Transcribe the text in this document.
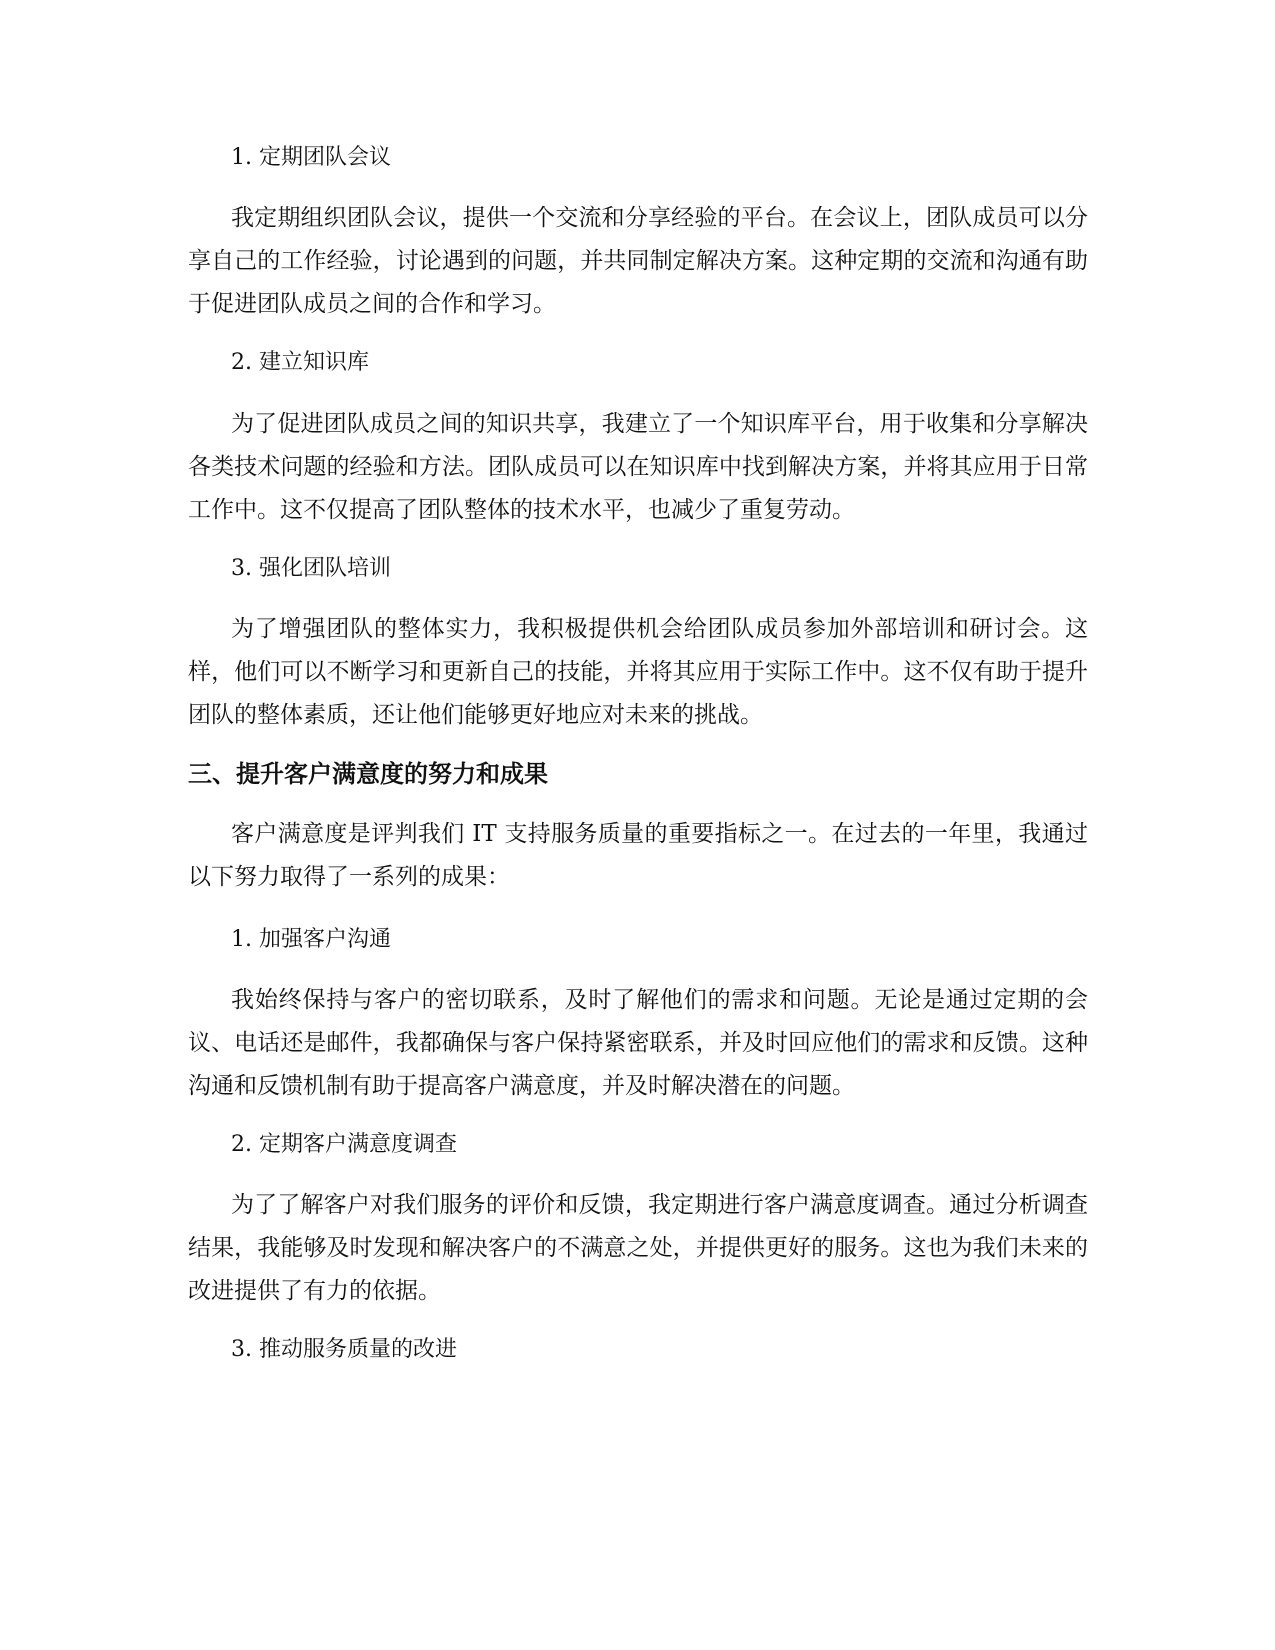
1. 定期团队会议

我定期组织团队会议，提供一个交流和分享经验的平台。在会议上，团队成员可以分享自己的工作经验，讨论遇到的问题，并共同制定解决方案。这种定期的交流和沟通有助于促进团队成员之间的合作和学习。

2. 建立知识库

为了促进团队成员之间的知识共享，我建立了一个知识库平台，用于收集和分享解决各类技术问题的经验和方法。团队成员可以在知识库中找到解决方案，并将其应用于日常工作中。这不仅提高了团队整体的技术水平，也减少了重复劳动。

3. 强化团队培训

为了增强团队的整体实力，我积极提供机会给团队成员参加外部培训和研讨会。这样，他们可以不断学习和更新自己的技能，并将其应用于实际工作中。这不仅有助于提升团队的整体素质，还让他们能够更好地应对未来的挑战。

三、提升客户满意度的努力和成果

客户满意度是评判我们 IT 支持服务质量的重要指标之一。在过去的一年里，我通过以下努力取得了一系列的成果：

1. 加强客户沟通

我始终保持与客户的密切联系，及时了解他们的需求和问题。无论是通过定期的会议、电话还是邮件，我都确保与客户保持紧密联系，并及时回应他们的需求和反馈。这种沟通和反馈机制有助于提高客户满意度，并及时解决潜在的问题。

2. 定期客户满意度调查

为了了解客户对我们服务的评价和反馈，我定期进行客户满意度调查。通过分析调查结果，我能够及时发现和解决客户的不满意之处，并提供更好的服务。这也为我们未来的改进提供了有力的依据。

3. 推动服务质量的改进
